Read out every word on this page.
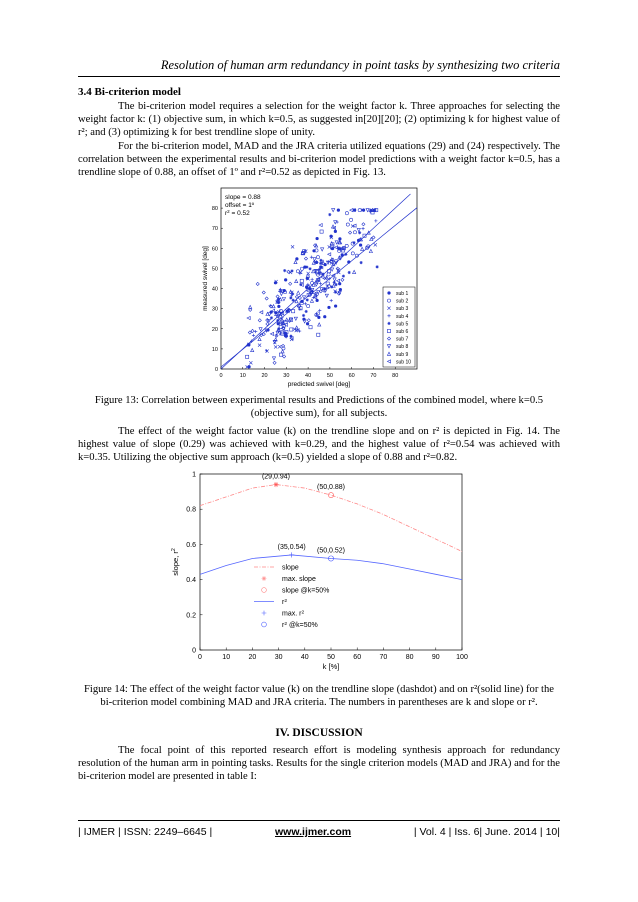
Resolution of human arm redundancy in point tasks by synthesizing two criteria
3.4 Bi-criterion model
The bi-criterion model requires a selection for the weight factor k. Three approaches for selecting the weight factor k: (1) objective sum, in which k=0.5, as suggested in[20][20]; (2) optimizing k for highest value of r²; and (3) optimizing k for best trendline slope of unity.
For the bi-criterion model, MAD and the JRA criteria utilized equations (29) and (24) respectively. The correlation between the experimental results and bi-criterion model predictions with a weight factor k=0.5, has a trendline slope of 0.88, an offset of 1º and r²=0.52 as depicted in Fig. 13.
0	10	20	30	40	50	60	70	80
0
10
20
30
40
50
60
70
80
predicted swivel [deg]
measured swivel [deg]
slope = 0.88
offset = 1º
$r^2 = 0.52$
sub 1
sub 2
sub 3
sub 4
sub 5
sub 6
sub 7
sub 8
sub 9
sub 10
Figure 13: Correlation between experimental results and Predictions of the combined model, where k=0.5 (objective sum), for all subjects.
The effect of the weight factor value (k) on the trendline slope and on r² is depicted in Fig. 14. The highest value of slope (0.29) was achieved with k=0.29, and the highest value of r²=0.54 was achieved with k=0.35. Utilizing the objective sum approach (k=0.5) yielded a slope of 0.88 and r²=0.82.
0	10	20	30	40	50	60	70	80	90 100
0
0.2
0.4
0.6
0.8
1
k [%]
slope, $r^2$
(29,0.94)
(50,0.88)
(35,0.54)
(50,0.52)
slope
max. slope
slope @k=50%
$r^2$
max. $r^2$
$r^2$ @k=50%
Figure 14: The effect of the weight factor value (k) on the trendline slope (dashdot) and on r²(solid line) for the bi-criterion model combining MAD and JRA criteria. The numbers in parentheses are k and slope or r².
IV. DISCUSSION
The focal point of this reported research effort is modeling synthesis approach for redundancy resolution of the human arm in pointing tasks. Results for the single criterion models (MAD and JRA) and for the bi-criterion model are presented in table I:
| IJMER | ISSN: 2249–6645 |	www.ijmer.com	| Vol. 4 | Iss. 6| June. 2014 | 10|
